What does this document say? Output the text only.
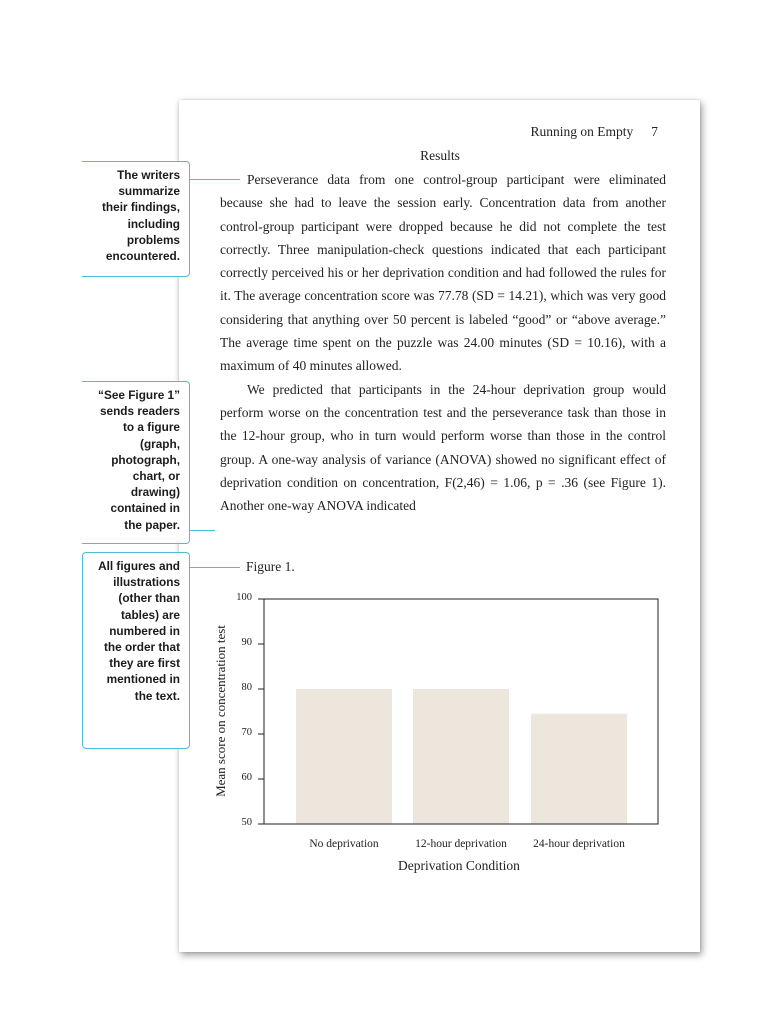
Running on Empty 7
Results

Perseverance data from one control-group participant were eliminated because she had to leave the session early. Concentration data from another control-group participant were dropped because he did not complete the test correctly. Three manipulation-check questions indicated that each participant correctly perceived his or her deprivation condition and had followed the rules for it. The average concentration score was 77.78 (SD = 14.21), which was very good considering that anything over 50 percent is labeled “good” or “above average.” The average time spent on the puzzle was 24.00 minutes (SD = 10.16), with a maximum of 40 minutes allowed.

We predicted that participants in the 24-hour deprivation group would perform worse on the concentration test and the perseverance task than those in the 12-hour group, who in turn would perform worse than those in the control group. A one-way analysis of variance (ANOVA) showed no significant effect of deprivation condition on concentration, F(2,46) = 1.06, p = .36 (see Figure 1). Another one-way ANOVA indicated

Figure 1.
The writers summarize their findings, including problems encountered.
“See Figure 1” sends readers to a figure (graph, photograph, chart, or drawing) contained in the paper.
All figures and illustrations (other than tables) are numbered in the order that they are first mentioned in the text.
100
90
80
70
60
50
No deprivation	12-hour deprivation 24-hour deprivation
Mean score on concentration test
Deprivation Condition
